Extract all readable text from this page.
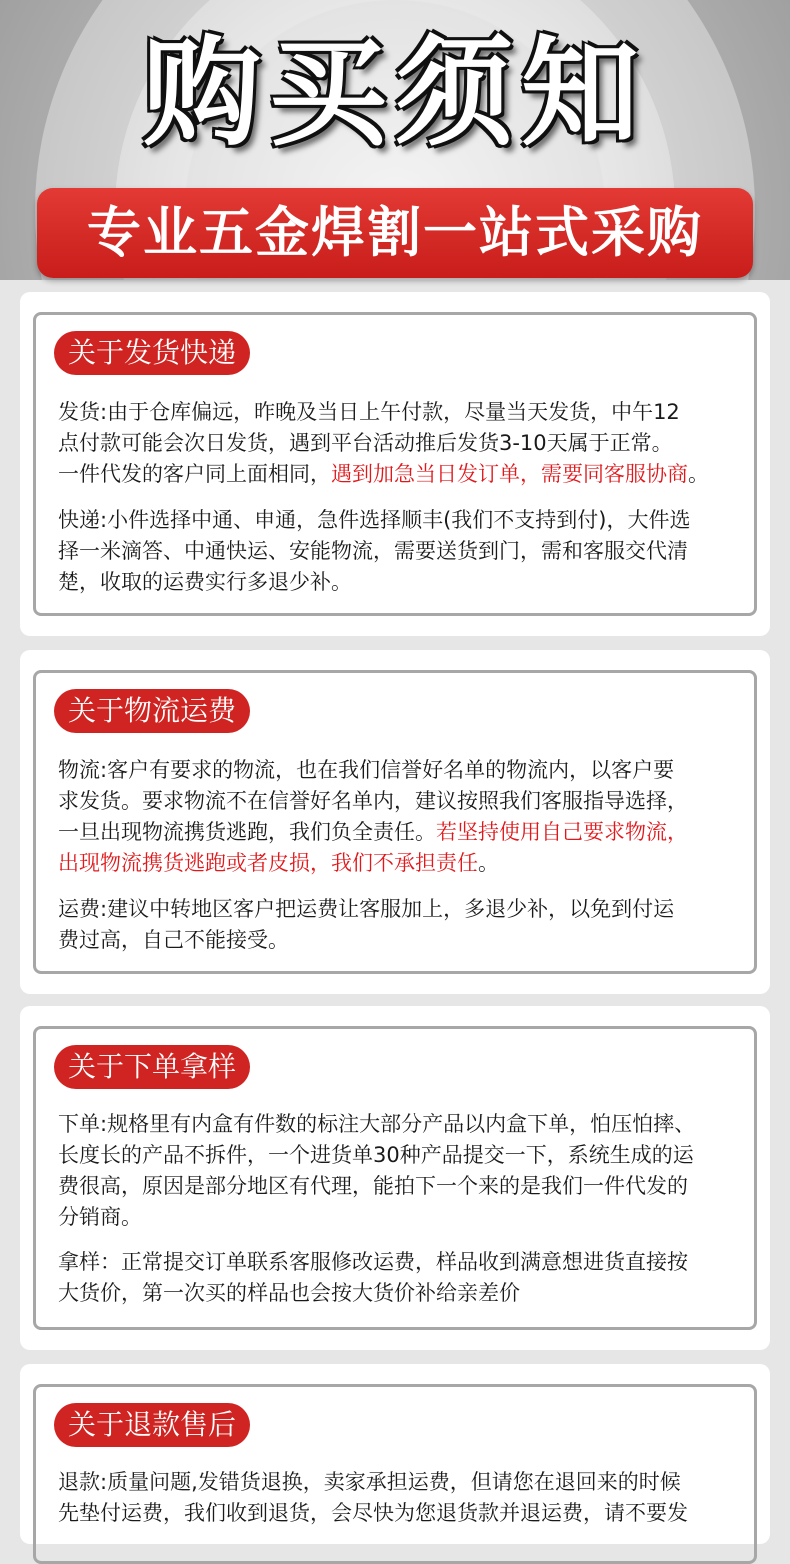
购买须知
专业五金焊割一站式采购
关于发货快递
发货:由于仓库偏远，昨晚及当日上午付款，尽量当天发货，中午12
点付款可能会次日发货，遇到平台活动推后发货3-10天属于正常。
一件代发的客户同上面相同，遇到加急当日发订单，需要同客服协商。
快递:小件选择中通、申通，急件选择顺丰(我们不支持到付)，大件选
择一米滴答、中通快运、安能物流，需要送货到门，需和客服交代清
楚，收取的运费实行多退少补。
关于物流运费
物流:客户有要求的物流，也在我们信誉好名单的物流内，以客户要
求发货。要求物流不在信誉好名单内，建议按照我们客服指导选择，
一旦出现物流携货逃跑，我们负全责任。若坚持使用自己要求物流，
出现物流携货逃跑或者皮损，我们不承担责任。
运费:建议中转地区客户把运费让客服加上，多退少补，以免到付运
费过高，自己不能接受。
关于下单拿样
下单:规格里有内盒有件数的标注大部分产品以内盒下单，怕压怕摔、
长度长的产品不拆件，一个进货单30种产品提交一下，系统生成的运
费很高，原因是部分地区有代理，能拍下一个来的是我们一件代发的
分销商。
拿样：正常提交订单联系客服修改运费，样品收到满意想进货直接按
大货价，第一次买的样品也会按大货价补给亲差价
关于退款售后
退款:质量问题,发错货退换，卖家承担运费，但请您在退回来的时候
先垫付运费，我们收到退货，会尽快为您退货款并退运费，请不要发
